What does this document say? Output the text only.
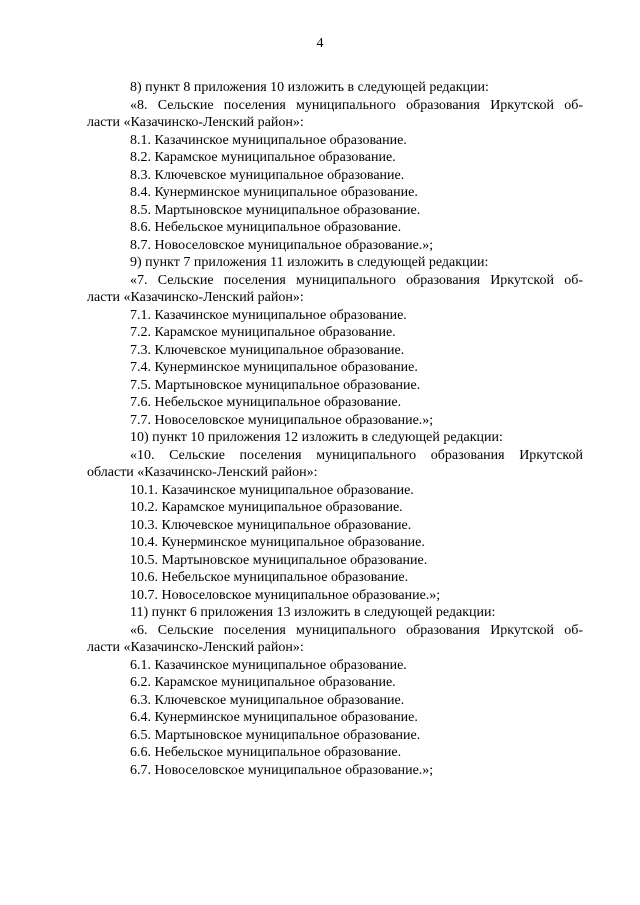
4
8) пункт 8 приложения 10 изложить в следующей редакции:
«8. Сельские поселения муниципального образования Иркутской об-
ласти «Казачинско-Ленский район»:
8.1. Казачинское муниципальное образование.
8.2. Карамское муниципальное образование.
8.3. Ключевское муниципальное образование.
8.4. Кунерминское муниципальное образование.
8.5. Мартыновское муниципальное образование.
8.6. Небельское муниципальное образование.
8.7. Новоселовское муниципальное образование.»;
9) пункт 7 приложения 11 изложить в следующей редакции:
«7. Сельские поселения муниципального образования Иркутской об-
ласти «Казачинско-Ленский район»:
7.1. Казачинское муниципальное образование.
7.2. Карамское муниципальное образование.
7.3. Ключевское муниципальное образование.
7.4. Кунерминское муниципальное образование.
7.5. Мартыновское муниципальное образование.
7.6. Небельское муниципальное образование.
7.7. Новоселовское муниципальное образование.»;
10) пункт 10 приложения 12 изложить в следующей редакции:
«10. Сельские поселения муниципального образования Иркутской
области «Казачинско-Ленский район»:
10.1. Казачинское муниципальное образование.
10.2. Карамское муниципальное образование.
10.3. Ключевское муниципальное образование.
10.4. Кунерминское муниципальное образование.
10.5. Мартыновское муниципальное образование.
10.6. Небельское муниципальное образование.
10.7. Новоселовское муниципальное образование.»;
11) пункт 6 приложения 13 изложить в следующей редакции:
«6. Сельские поселения муниципального образования Иркутской об-
ласти «Казачинско-Ленский район»:
6.1. Казачинское муниципальное образование.
6.2. Карамское муниципальное образование.
6.3. Ключевское муниципальное образование.
6.4. Кунерминское муниципальное образование.
6.5. Мартыновское муниципальное образование.
6.6. Небельское муниципальное образование.
6.7. Новоселовское муниципальное образование.»;
